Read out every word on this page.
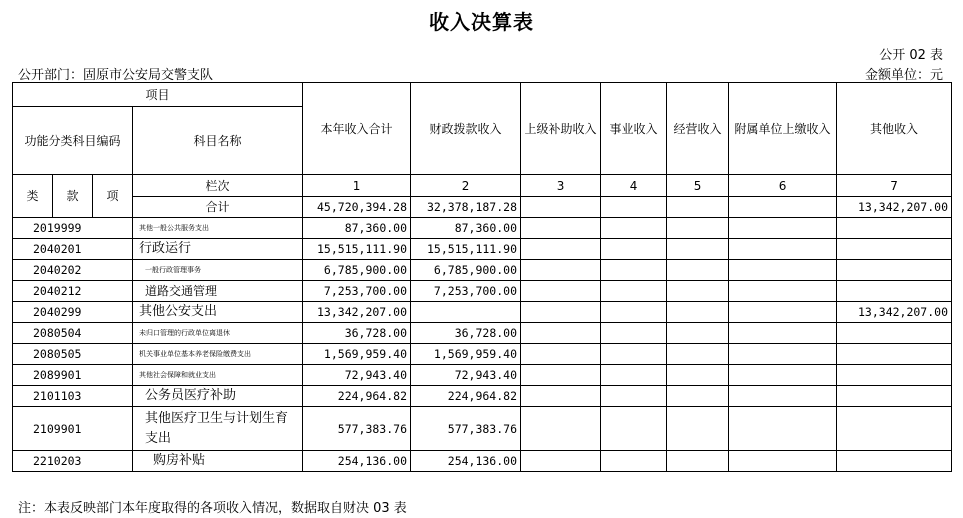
收入决算表
公开 02 表
公开部门：固原市公安局交警支队	金额单位：元
项目				本年收入合计	财政拨款收入	上级补助收入	事业收入	经营收入	附属单位上缴收入	其他收入
功能分类科目编码			科目名称							
类	款	项	栏次	1	2	3	4	5	6	7
			合计	45,720,394.28	32,378,187.28					13,342,207.00
2019999			其他一般公共服务支出	87,360.00	87,360.00					
2040201			行政运行	15,515,111.90	15,515,111.90					
2040202			一般行政管理事务	6,785,900.00	6,785,900.00					
2040212			道路交通管理	7,253,700.00	7,253,700.00					
2040299			其他公安支出	13,342,207.00						13,342,207.00
2080504			未归口管理的行政单位离退休	36,728.00	36,728.00					
2080505			机关事业单位基本养老保险缴费支出	1,569,959.40	1,569,959.40					
2089901			其他社会保障和就业支出	72,943.40	72,943.40					
2101103			公务员医疗补助	224,964.82	224,964.82					
2109901			其他医疗卫生与计划生育支出	577,383.76	577,383.76					
2210203			购房补贴	254,136.00	254,136.00					
注：本表反映部门本年度取得的各项收入情况，数据取自财决 03 表
